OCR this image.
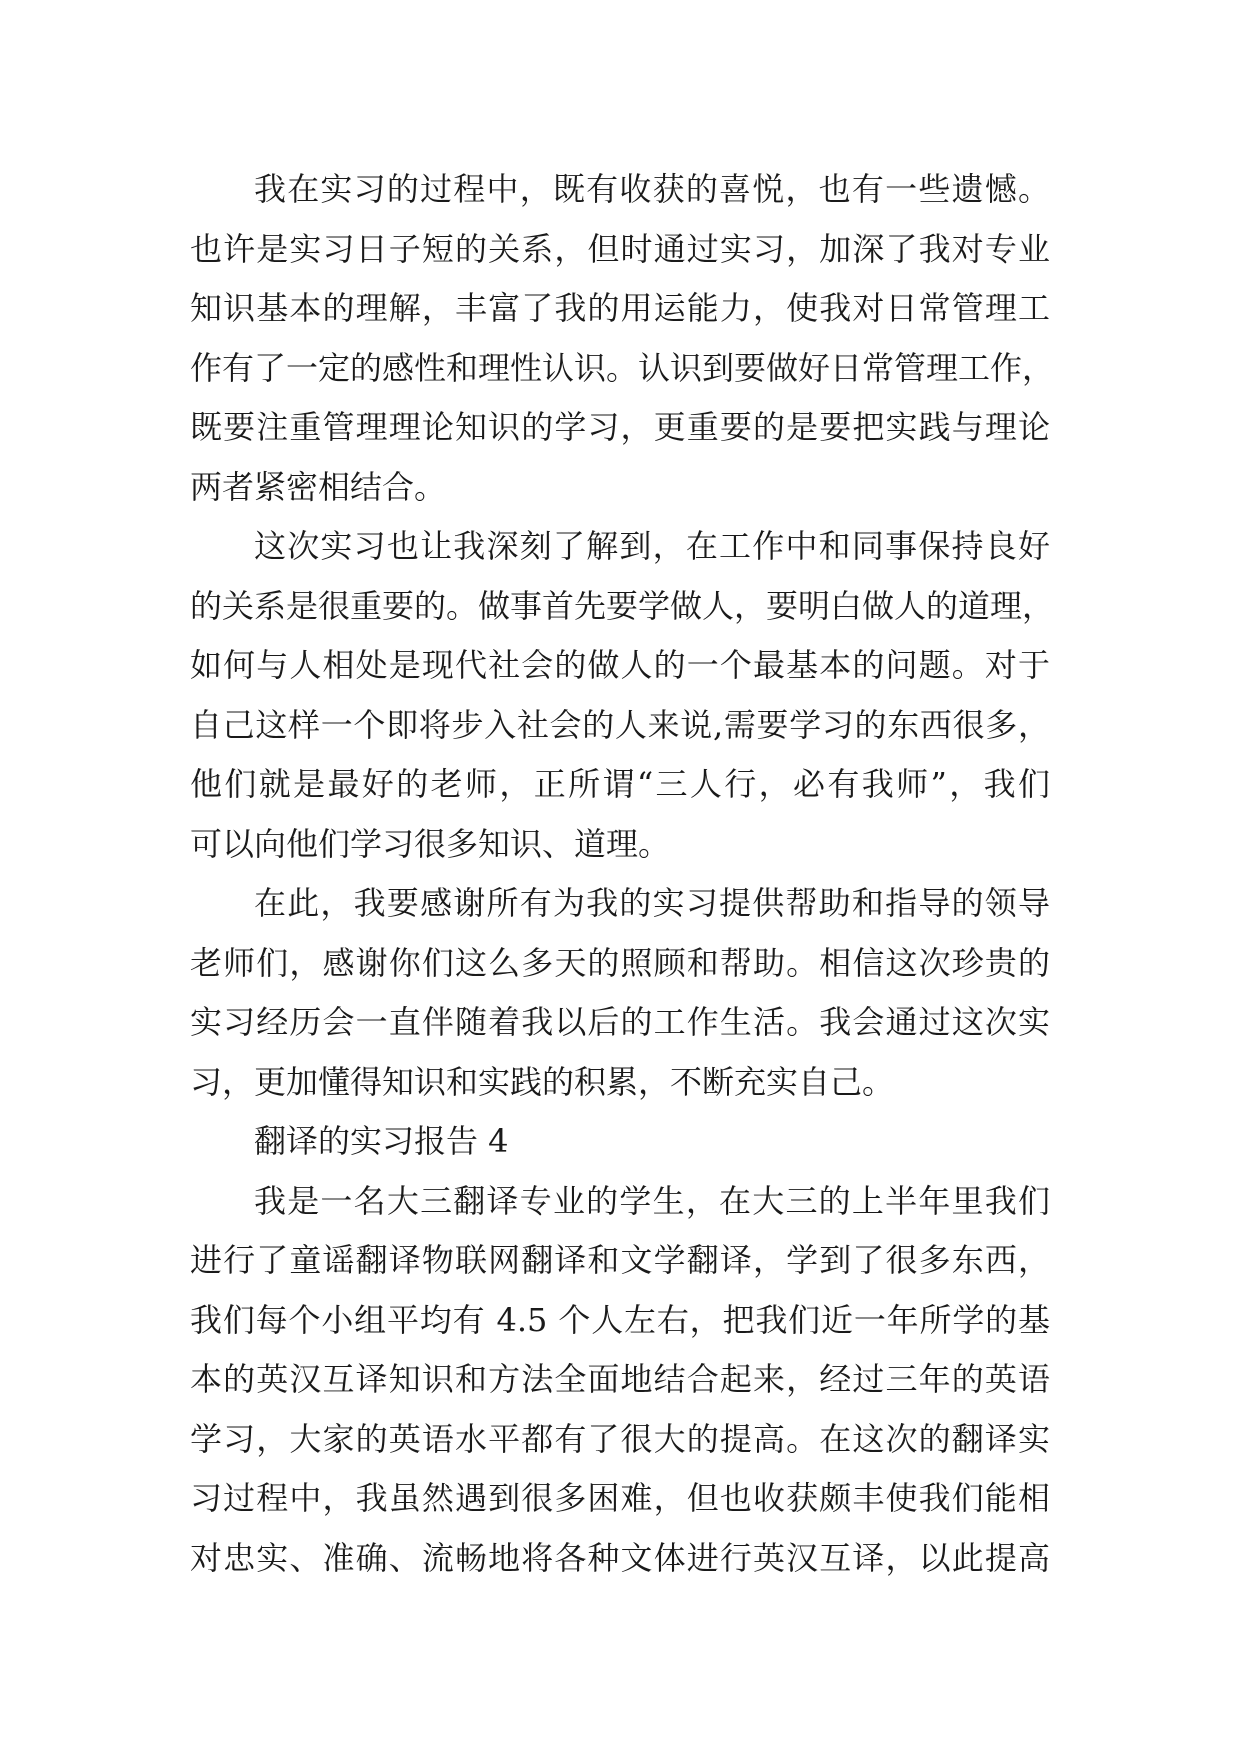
我在实习的过程中，既有收获的喜悦，也有一些遗憾。
也许是实习日子短的关系，但时通过实习，加深了我对专业
知识基本的理解，丰富了我的用运能力，使我对日常管理工
作有了一定的感性和理性认识。认识到要做好日常管理工作，
既要注重管理理论知识的学习，更重要的是要把实践与理论
两者紧密相结合。
这次实习也让我深刻了解到，在工作中和同事保持良好
的关系是很重要的。做事首先要学做人，要明白做人的道理，
如何与人相处是现代社会的做人的一个最基本的问题。对于
自己这样一个即将步入社会的人来说,需要学习的东西很多，
他们就是最好的老师，正所谓“三人行，必有我师”，我们
可以向他们学习很多知识、道理。
在此，我要感谢所有为我的实习提供帮助和指导的领导
老师们，感谢你们这么多天的照顾和帮助。相信这次珍贵的
实习经历会一直伴随着我以后的工作生活。我会通过这次实
习，更加懂得知识和实践的积累，不断充实自己。
翻译的实习报告 4
我是一名大三翻译专业的学生，在大三的上半年里我们
进行了童谣翻译物联网翻译和文学翻译，学到了很多东西，
我们每个小组平均有 4.5 个人左右，把我们近一年所学的基
本的英汉互译知识和方法全面地结合起来，经过三年的英语
学习，大家的英语水平都有了很大的提高。在这次的翻译实
习过程中，我虽然遇到很多困难，但也收获颇丰使我们能相
对忠实、准确、流畅地将各种文体进行英汉互译，以此提高
